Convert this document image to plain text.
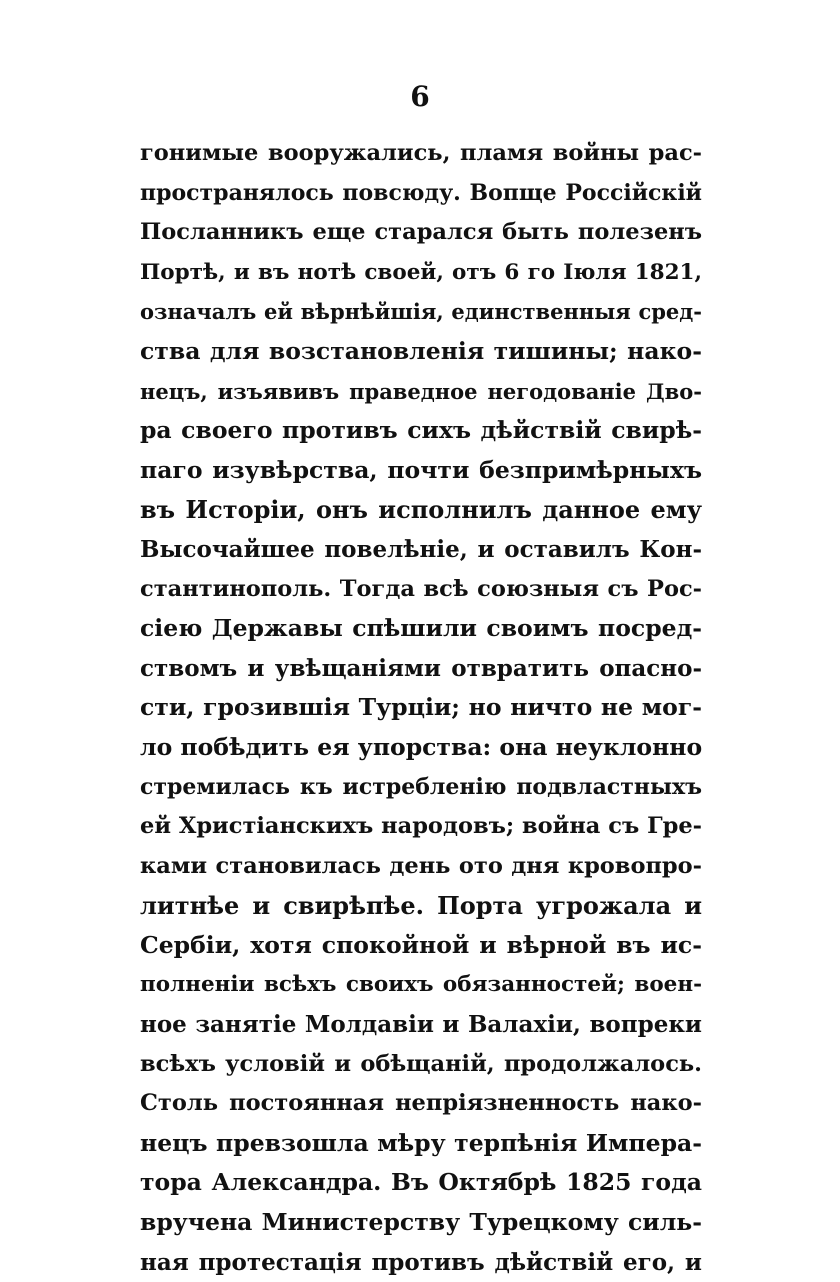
6
гонимые вооружались, пламя войны рас-
пространялось повсюду. Вопще Россійскій
Посланникъ еще старался быть полезенъ
Портѣ, и въ нотѣ своей, отъ 6 го Іюля 1821,
означалъ ей вѣрнѣйшія, единственныя сред-
ства для возстановленія тишины; нако-
нецъ, изъявивъ праведное негодованіе Дво-
ра своего противъ сихъ дѣйствій свирѣ-
паго изувѣрства, почти безпримѣрныхъ
въ Исторіи, онъ исполнилъ данное ему
Высочайшее повелѣніе, и оставилъ Кон-
стантинополь. Тогда всѣ союзныя съ Рос-
сіею Державы спѣшили своимъ посред-
ствомъ и увѣщаніями отвратить опасно-
сти, грозившія Турціи; но ничто не мог-
ло побѣдить ея упорства: она неуклонно
стремилась къ истребленію подвластныхъ
ей Христіанскихъ народовъ; война съ Гре-
ками становилась день ото дня кровопро-
литнѣе и свирѣпѣе. Порта угрожала и
Сербіи, хотя спокойной и вѣрной въ ис-
полненіи всѣхъ своихъ обязанностей; воен-
ное занятіе Молдавіи и Валахіи, вопреки
всѣхъ условій и обѣщаній, продолжалось.
Столь постоянная непріязненность нако-
нецъ превзошла мѣру терпѣнія Импера-
тора Александра. Въ Октябрѣ 1825 года
вручена Министерству Турецкому силь-
ная протестація противъ дѣйствій его, и
